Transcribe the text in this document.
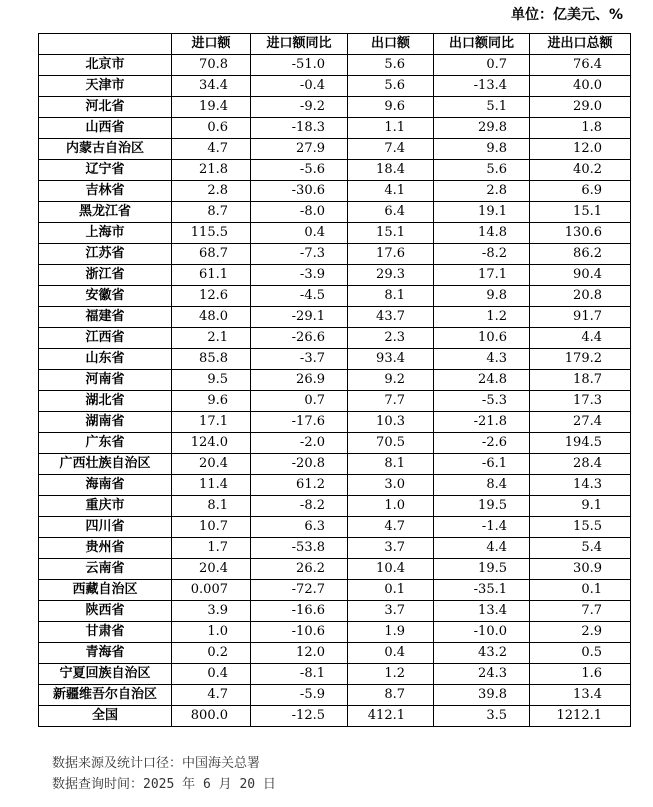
单位：亿美元、%
	进口额	进口额同比	出口额	出口额同比	进出口总额
北京市	70.8	-51.0	5.6	0.7	76.4
天津市	34.4	-0.4	5.6	-13.4	40.0
河北省	19.4	-9.2	9.6	5.1	29.0
山西省	0.6	-18.3	1.1	29.8	1.8
内蒙古自治区	4.7	27.9	7.4	9.8	12.0
辽宁省	21.8	-5.6	18.4	5.6	40.2
吉林省	2.8	-30.6	4.1	2.8	6.9
黑龙江省	8.7	-8.0	6.4	19.1	15.1
上海市	115.5	0.4	15.1	14.8	130.6
江苏省	68.7	-7.3	17.6	-8.2	86.2
浙江省	61.1	-3.9	29.3	17.1	90.4
安徽省	12.6	-4.5	8.1	9.8	20.8
福建省	48.0	-29.1	43.7	1.2	91.7
江西省	2.1	-26.6	2.3	10.6	4.4
山东省	85.8	-3.7	93.4	4.3	179.2
河南省	9.5	26.9	9.2	24.8	18.7
湖北省	9.6	0.7	7.7	-5.3	17.3
湖南省	17.1	-17.6	10.3	-21.8	27.4
广东省	124.0	-2.0	70.5	-2.6	194.5
广西壮族自治区	20.4	-20.8	8.1	-6.1	28.4
海南省	11.4	61.2	3.0	8.4	14.3
重庆市	8.1	-8.2	1.0	19.5	9.1
四川省	10.7	6.3	4.7	-1.4	15.5
贵州省	1.7	-53.8	3.7	4.4	5.4
云南省	20.4	26.2	10.4	19.5	30.9
西藏自治区	0.007	-72.7	0.1	-35.1	0.1
陕西省	3.9	-16.6	3.7	13.4	7.7
甘肃省	1.0	-10.6	1.9	-10.0	2.9
青海省	0.2	12.0	0.4	43.2	0.5
宁夏回族自治区	0.4	-8.1	1.2	24.3	1.6
新疆维吾尔自治区	4.7	-5.9	8.7	39.8	13.4
全国	800.0	-12.5	412.1	3.5	1212.1
数据来源及统计口径：中国海关总署
数据查询时间：2025 年 6 月 20 日
